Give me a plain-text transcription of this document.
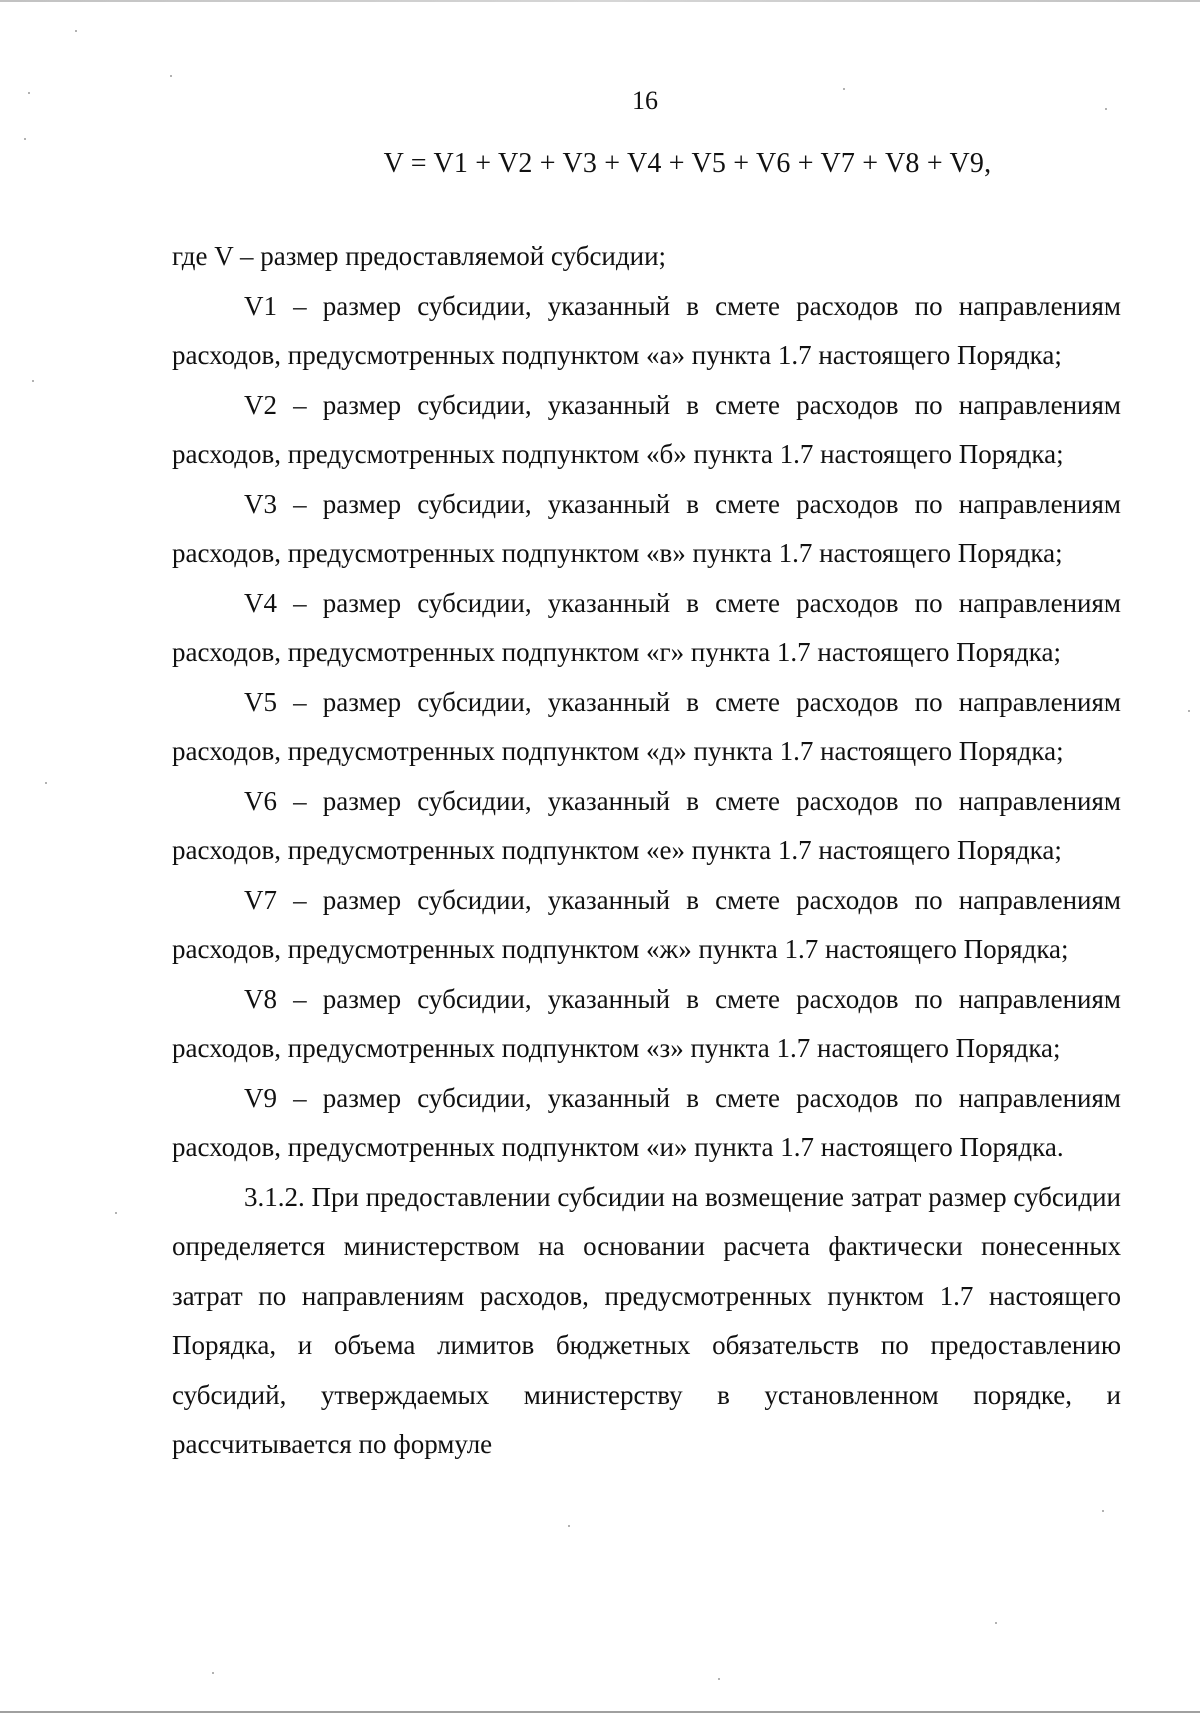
16
V = V1 + V2 + V3 + V4 + V5 + V6 + V7 + V8 + V9,

где V – размер предоставляемой субсидии;

V1 – размер субсидии, указанный в смете расходов по направлениям расходов, предусмотренных подпунктом «а» пункта 1.7 настоящего Порядка;

V2 – размер субсидии, указанный в смете расходов по направлениям расходов, предусмотренных подпунктом «б» пункта 1.7 настоящего Порядка;

V3 – размер субсидии, указанный в смете расходов по направлениям расходов, предусмотренных подпунктом «в» пункта 1.7 настоящего Порядка;

V4 – размер субсидии, указанный в смете расходов по направлениям расходов, предусмотренных подпунктом «г» пункта 1.7 настоящего Порядка;

V5 – размер субсидии, указанный в смете расходов по направлениям расходов, предусмотренных подпунктом «д» пункта 1.7 настоящего Порядка;

V6 – размер субсидии, указанный в смете расходов по направлениям расходов, предусмотренных подпунктом «е» пункта 1.7 настоящего Порядка;

V7 – размер субсидии, указанный в смете расходов по направлениям расходов, предусмотренных подпунктом «ж» пункта 1.7 настоящего Порядка;

V8 – размер субсидии, указанный в смете расходов по направлениям расходов, предусмотренных подпунктом «з» пункта 1.7 настоящего Порядка;

V9 – размер субсидии, указанный в смете расходов по направлениям расходов, предусмотренных подпунктом «и» пункта 1.7 настоящего Порядка.

3.1.2. При предоставлении субсидии на возмещение затрат размер субсидии определяется министерством на основании расчета фактически понесенных затрат по направлениям расходов, предусмотренных пунктом 1.7 настоящего Порядка, и объема лимитов бюджетных обязательств по предоставлению субсидий, утверждаемых министерству в установленном порядке, и рассчитывается по формуле
